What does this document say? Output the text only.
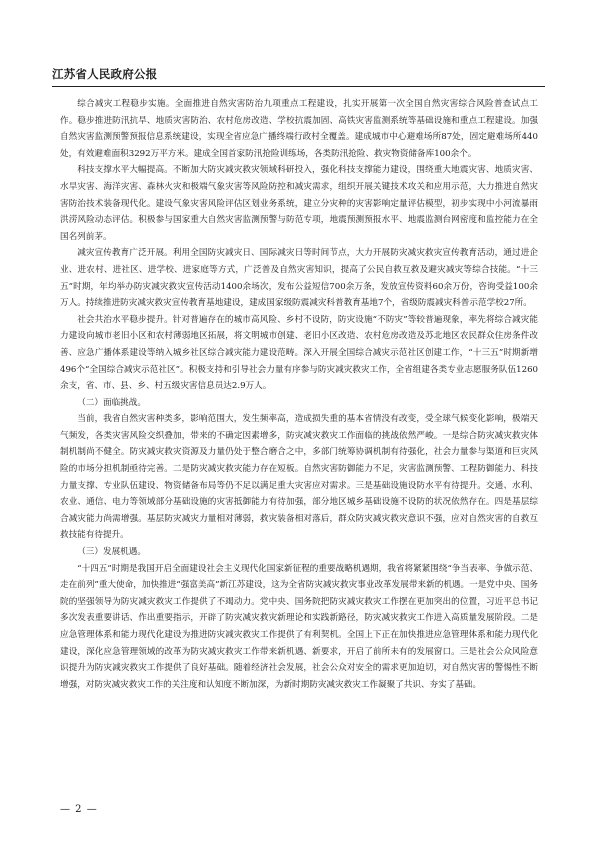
江苏省人民政府公报

综合减灾工程稳步实施。全面推进自然灾害防治九项重点工程建设，扎实开展第一次全国自然灾害综合风险普查试点工作。稳步推进防汛抗旱、地质灾害防治、农村危房改造、学校抗震加固、高铁灾害监测系统等基础设施和重点工程建设。加强自然灾害监测预警预报信息系统建设，实现全省应急广播终端行政村全覆盖。建成城市中心避难场所87处，固定避难场所440处，有效避难面积3292万平方米。建成全国首家防汛抢险训练场，各类防汛抢险、救灾物资储备库100余个。

科技支撑水平大幅提高。不断加大防灾减灾救灾领域科研投入，强化科技支撑能力建设，围绕重大地震灾害、地质灾害、水旱灾害、海洋灾害、森林火灾和极端气象灾害等风险防控和减灾需求，组织开展关键技术攻关和应用示范，大力推进自然灾害防治技术装备现代化。建设气象灾害风险评估区划业务系统，建立分灾种的灾害影响定量评估模型，初步实现中小河流暴雨洪涝风险动态评估。积极参与国家重大自然灾害监测预警与防范专项，地震预测预报水平、地震监测台网密度和监控能力在全国名列前茅。

减灾宣传教育广泛开展。利用全国防灾减灾日、国际减灾日等时间节点，大力开展防灾减灾救灾宣传教育活动，通过进企业、进农村、进社区、进学校、进家庭等方式，广泛普及自然灾害知识，提高了公民自救互救及避灾减灾等综合技能。“十三五”时期，年均举办防灾减灾救灾宣传活动1400余场次，发布公益短信700余万条，发放宣传资料60余万份，咨询受益100余万人。持续推进防灾减灾救灾宣传教育基地建设，建成国家级防震减灾科普教育基地7个，省级防震减灾科普示范学校27所。

社会共治水平稳步提升。针对普遍存在的城市高风险、乡村不设防，防灾设施“不防灾”等较普遍现象，率先将综合减灾能力建设向城市老旧小区和农村薄弱地区拓展，将文明城市创建、老旧小区改造、农村危房改造及苏北地区农民群众住房条件改善、应急广播体系建设等纳入城乡社区综合减灾能力建设范畴。深入开展全国综合减灾示范社区创建工作，“十三五”时期新增496个“全国综合减灾示范社区”。积极支持和引导社会力量有序参与防灾减灾救灾工作，全省组建各类专业志愿服务队伍1260余支，省、市、县、乡、村五级灾害信息员达2.9万人。

（二）面临挑战。

当前，我省自然灾害种类多，影响范围大，发生频率高，造成损失重的基本省情没有改变，受全球气候变化影响，极端天气频发，各类灾害风险交织叠加，带来的不确定因素增多，防灾减灾救灾工作面临的挑战依然严峻。一是综合防灾减灾救灾体制机制尚不健全。防灾减灾救灾资源及力量仍处于整合磨合之中，多部门统筹协调机制有待强化，社会力量参与渠道和巨灾风险的市场分担机制亟待完善。二是防灾减灾救灾能力存在短板。自然灾害防御能力不足，灾害监测预警、工程防御能力、科技力量支撑、专业队伍建设、物资储备布局等仍不足以满足重大灾害应对需求。三是基础设施设防水平有待提升。交通、水利、农业、通信、电力等领域部分基础设施的灾害抵御能力有待加强，部分地区城乡基础设施不设防的状况依然存在。四是基层综合减灾能力尚需增强。基层防灾减灾力量相对薄弱，救灾装备相对落后，群众防灾减灾救灾意识不强，应对自然灾害的自救互救技能有待提升。

（三）发展机遇。

“十四五”时期是我国开启全面建设社会主义现代化国家新征程的重要战略机遇期，我省将紧紧围绕“争当表率、争做示范、走在前列”重大使命，加快推进“强富美高”新江苏建设，这为全省防灾减灾救灾事业改革发展带来新的机遇。一是党中央、国务院的坚强领导为防灾减灾救灾工作提供了不竭动力。党中央、国务院把防灾减灾救灾工作摆在更加突出的位置，习近平总书记多次发表重要讲话、作出重要指示，开辟了防灾减灾救灾新理论和实践新路径，防灾减灾救灾工作进入高质量发展阶段。二是应急管理体系和能力现代化建设为推进防灾减灾救灾工作提供了有利契机。全国上下正在加快推进应急管理体系和能力现代化建设，深化应急管理领域的改革为防灾减灾救灾工作带来新机遇、新要求，开启了前所未有的发展窗口。三是社会公众风险意识提升为防灾减灾救灾工作提供了良好基础。随着经济社会发展，社会公众对安全的需求更加迫切，对自然灾害的警惕性不断增强，对防灾减灾救灾工作的关注度和认知度不断加深，为新时期防灾减灾救灾工作凝聚了共识、夯实了基础。

— 2 —
